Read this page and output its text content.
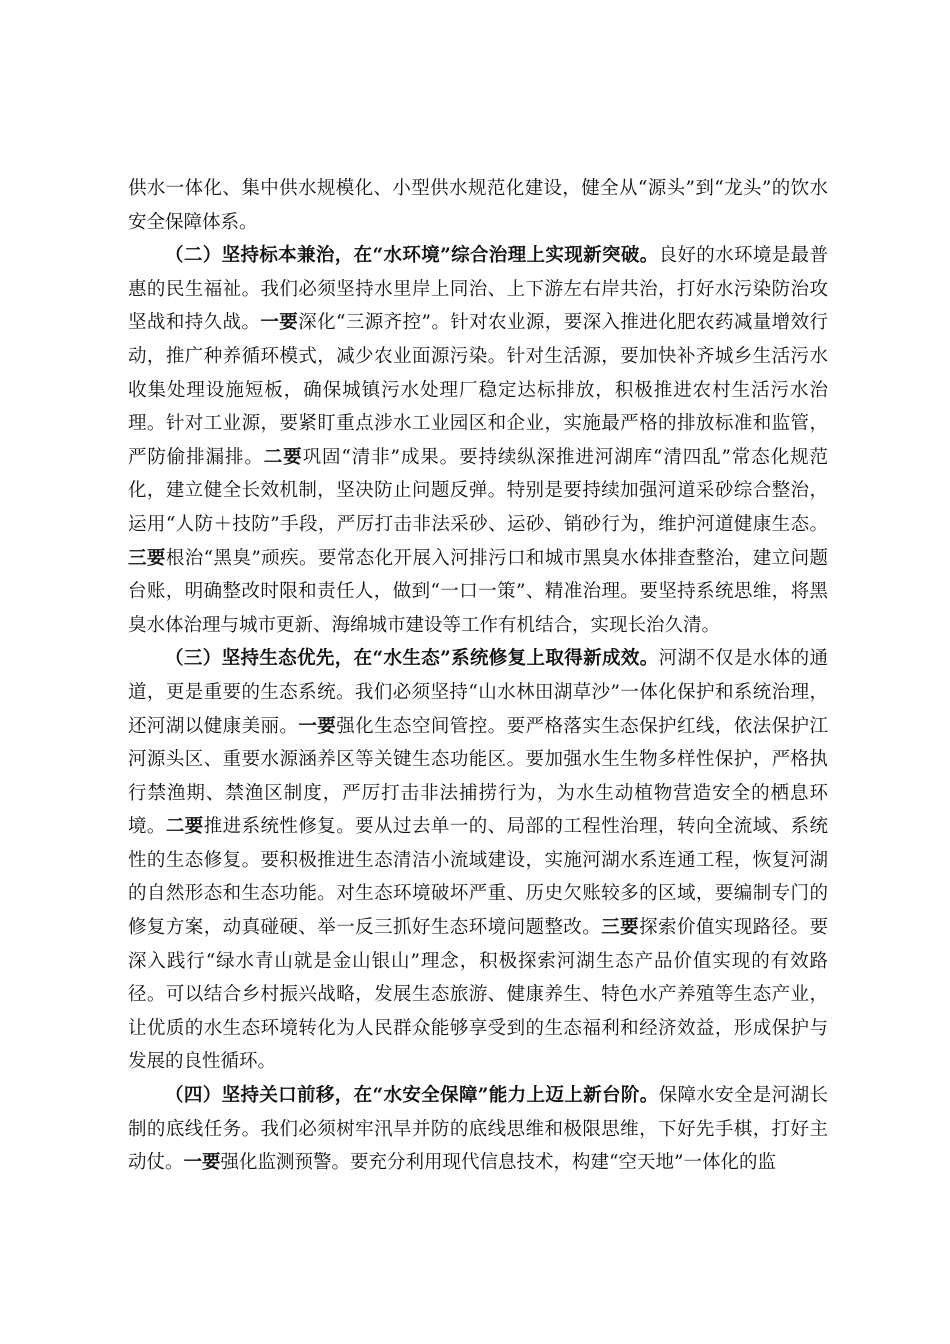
供水一体化、集中供水规模化、小型供水规范化建设，健全从“源头”到“龙头”的饮水安全保障体系。

（二）坚持标本兼治，在“水环境”综合治理上实现新突破。良好的水环境是最普惠的民生福祉。我们必须坚持水里岸上同治、上下游左右岸共治，打好水污染防治攻坚战和持久战。一要深化“三源齐控”。针对农业源，要深入推进化肥农药减量增效行动，推广种养循环模式，减少农业面源污染。针对生活源，要加快补齐城乡生活污水收集处理设施短板，确保城镇污水处理厂稳定达标排放，积极推进农村生活污水治理。针对工业源，要紧盯重点涉水工业园区和企业，实施最严格的排放标准和监管，严防偷排漏排。二要巩固“清非”成果。要持续纵深推进河湖库“清四乱”常态化规范化，建立健全长效机制，坚决防止问题反弹。特别是要持续加强河道采砂综合整治，运用“人防＋技防”手段，严厉打击非法采砂、运砂、销砂行为，维护河道健康生态。三要根治“黑臭”顽疾。要常态化开展入河排污口和城市黑臭水体排查整治，建立问题台账，明确整改时限和责任人，做到“一口一策”、精准治理。要坚持系统思维，将黑臭水体治理与城市更新、海绵城市建设等工作有机结合，实现长治久清。

（三）坚持生态优先，在“水生态”系统修复上取得新成效。河湖不仅是水体的通道，更是重要的生态系统。我们必须坚持“山水林田湖草沙”一体化保护和系统治理，还河湖以健康美丽。一要强化生态空间管控。要严格落实生态保护红线，依法保护江河源头区、重要水源涵养区等关键生态功能区。要加强水生生物多样性保护，严格执行禁渔期、禁渔区制度，严厉打击非法捕捞行为，为水生动植物营造安全的栖息环境。二要推进系统性修复。要从过去单一的、局部的工程性治理，转向全流域、系统性的生态修复。要积极推进生态清洁小流域建设，实施河湖水系连通工程，恢复河湖的自然形态和生态功能。对生态环境破坏严重、历史欠账较多的区域，要编制专门的修复方案，动真碰硬、举一反三抓好生态环境问题整改。三要探索价值实现路径。要深入践行“绿水青山就是金山银山”理念，积极探索河湖生态产品价值实现的有效路径。可以结合乡村振兴战略，发展生态旅游、健康养生、特色水产养殖等生态产业，让优质的水生态环境转化为人民群众能够享受到的生态福利和经济效益，形成保护与发展的良性循环。

（四）坚持关口前移，在“水安全保障”能力上迈上新台阶。保障水安全是河湖长制的底线任务。我们必须树牢汛旱并防的底线思维和极限思维，下好先手棋，打好主动仗。一要强化监测预警。要充分利用现代信息技术，构建“空天地”一体化的监
